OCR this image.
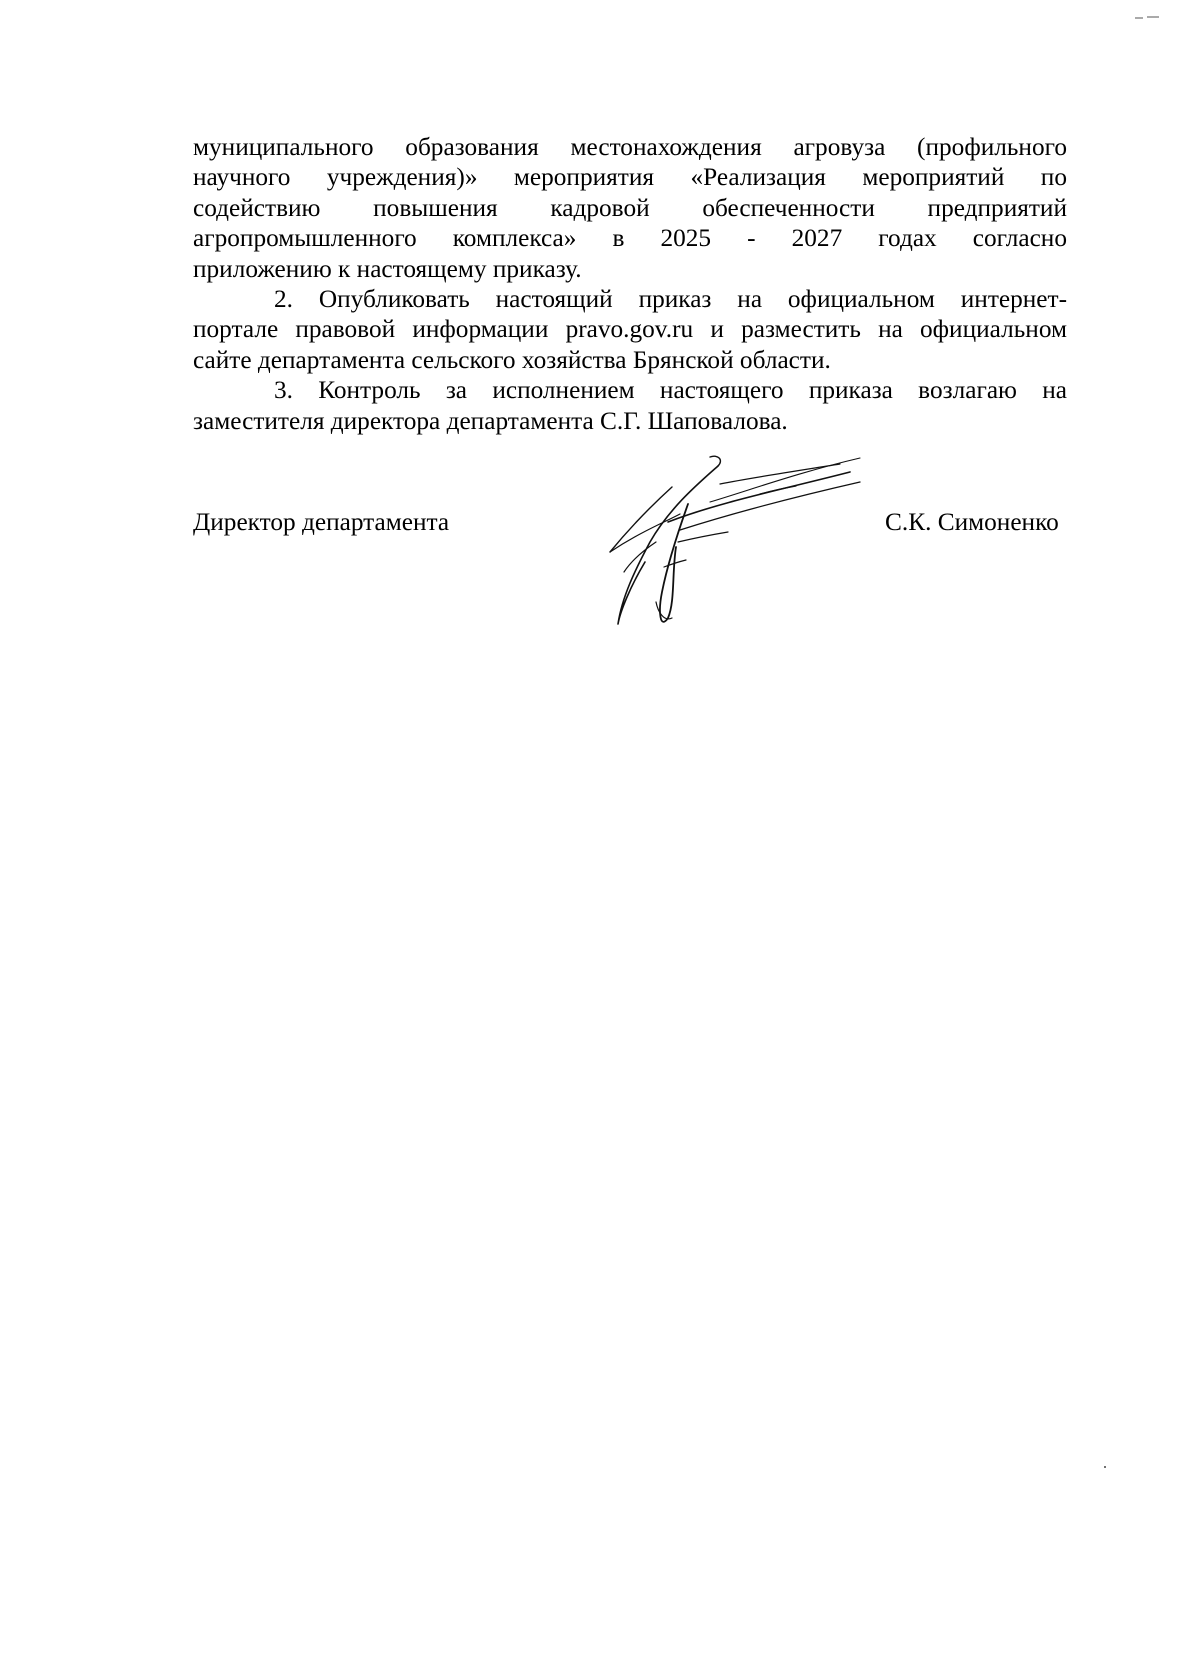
муниципального образования местонахождения агровуза (профильного
научного учреждения)» мероприятия «Реализация мероприятий по
содействию повышения кадровой обеспеченности предприятий
агропромышленного комплекса» в 2025 - 2027 годах согласно
приложению к настоящему приказу.
2. Опубликовать настоящий приказ на официальном интернет-
портале правовой информации pravo.gov.ru и разместить на официальном
сайте департамента сельского хозяйства Брянской области.
3. Контроль за исполнением настоящего приказа возлагаю на
заместителя директора департамента С.Г. Шаповалова.
Директор департамента	С.К. Симоненко
